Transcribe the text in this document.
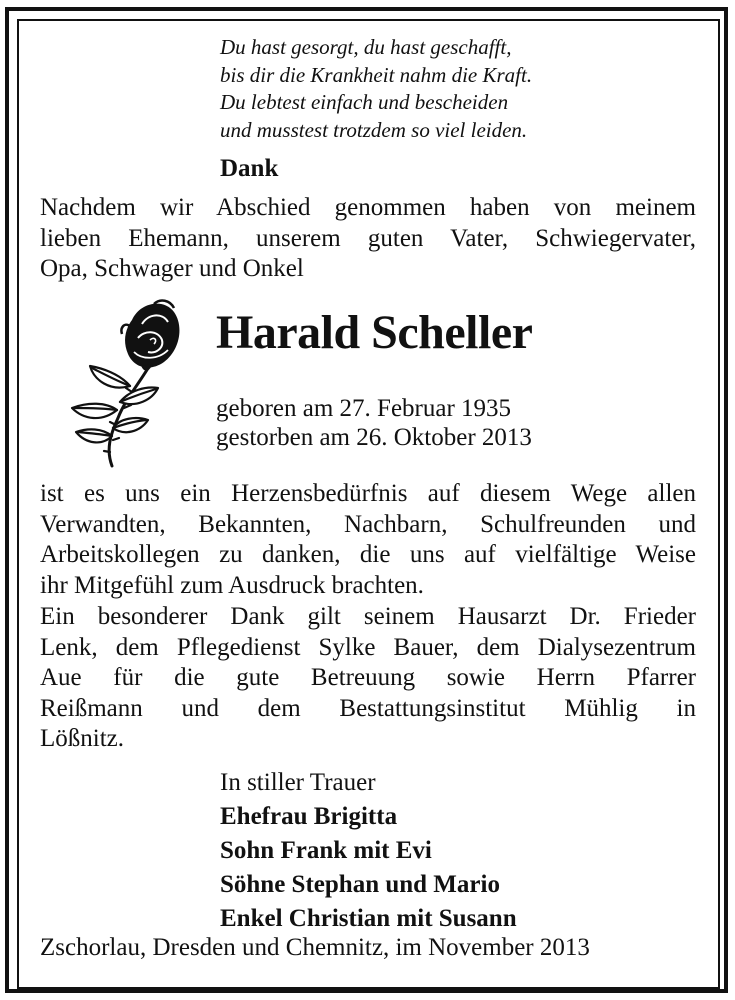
Du hast gesorgt, du hast geschafft,
bis dir die Krankheit nahm die Kraft.
Du lebtest einfach und bescheiden
und musstest trotzdem so viel leiden.
Dank
Nachdem wir Abschied genommen haben von meinem
lieben Ehemann, unserem guten Vater, Schwiegervater,
Opa, Schwager und Onkel
Harald Scheller
geboren am 27. Februar 1935
gestorben am 26. Oktober 2013
ist es uns ein Herzensbedürfnis auf diesem Wege allen
Verwandten, Bekannten, Nachbarn, Schulfreunden und
Arbeitskollegen zu danken, die uns auf vielfältige Weise
ihr Mitgefühl zum Ausdruck brachten.
Ein besonderer Dank gilt seinem Hausarzt Dr. Frieder
Lenk, dem Pflegedienst Sylke Bauer, dem Dialysezentrum
Aue für die gute Betreuung sowie Herrn Pfarrer
Reißmann und dem Bestattungsinstitut Mühlig in
Lößnitz.
In stiller Trauer
Ehefrau Brigitta
Sohn Frank mit Evi
Söhne Stephan und Mario
Enkel Christian mit Susann
Zschorlau, Dresden und Chemnitz, im November 2013
